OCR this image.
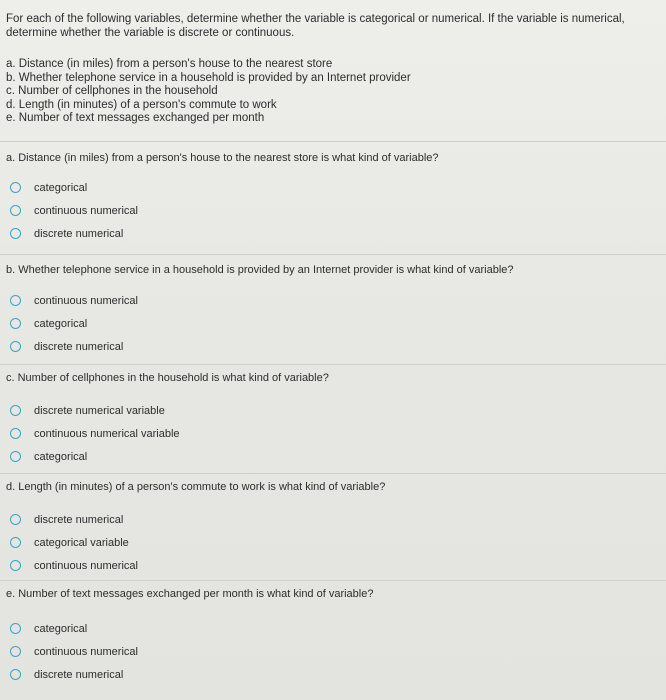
For each of the following variables, determine whether the variable is categorical or numerical. If the variable is numerical,

determine whether the variable is discrete or continuous.

a. Distance (in miles) from a person's house to the nearest store
b. Whether telephone service in a household is provided by an Internet provider
c. Number of cellphones in the household
d. Length (in minutes) of a person's commute to work
e. Number of text messages exchanged per month
a. Distance (in miles) from a person's house to the nearest store is what kind of variable?
categorical
continuous numerical
discrete numerical
b. Whether telephone service in a household is provided by an Internet provider is what kind of variable?
continuous numerical
categorical
discrete numerical
c. Number of cellphones in the household is what kind of variable?
discrete numerical variable
continuous numerical variable
categorical
d. Length (in minutes) of a person's commute to work is what kind of variable?
discrete numerical
categorical variable
continuous numerical
e. Number of text messages exchanged per month is what kind of variable?
categorical
continuous numerical
discrete numerical
